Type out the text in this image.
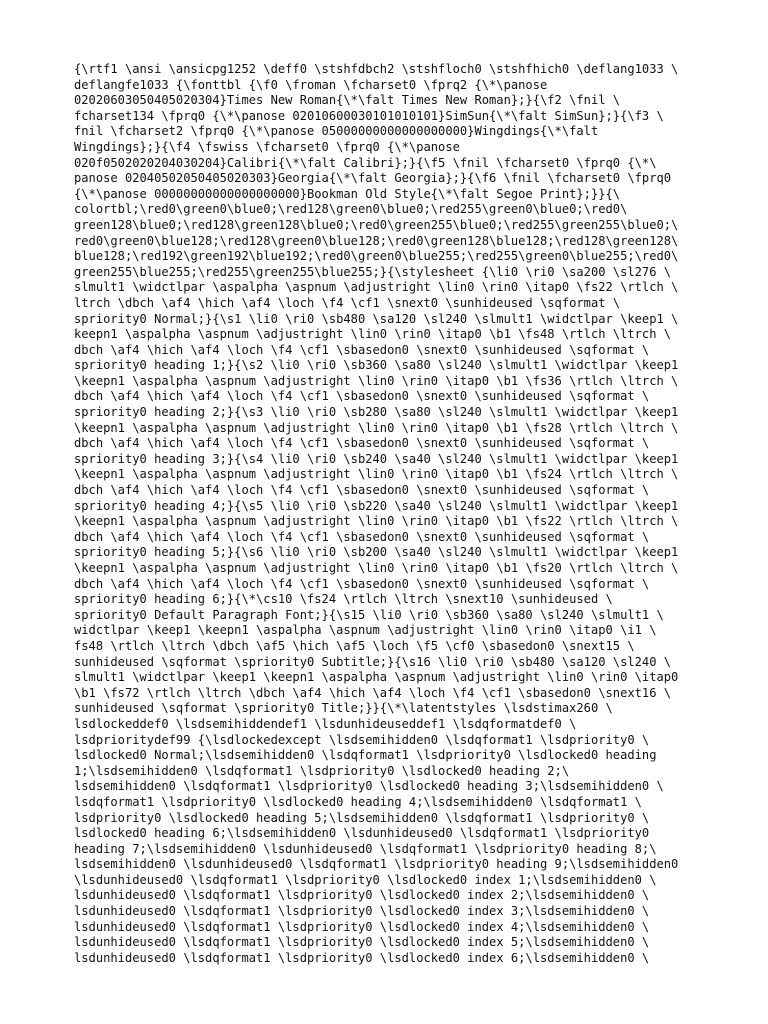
{\rtf1 \ansi \ansicpg1252 \deff0 \stshfdbch2 \stshfloch0 \stshfhich0 \deflang1033 \
deflangfe1033 {\fonttbl {\f0 \froman \fcharset0 \fprq2 {\*\panose
02020603050405020304}Times New Roman{\*\falt Times New Roman};}{\f2 \fnil \
fcharset134 \fprq0 {\*\panose 02010600030101010101}SimSun{\*\falt SimSun};}{\f3 \
fnil \fcharset2 \fprq0 {\*\panose 05000000000000000000}Wingdings{\*\falt
Wingdings};}{\f4 \fswiss \fcharset0 \fprq0 {\*\panose
020f0502020204030204}Calibri{\*\falt Calibri};}{\f5 \fnil \fcharset0 \fprq0 {\*\
panose 02040502050405020303}Georgia{\*\falt Georgia};}{\f6 \fnil \fcharset0 \fprq0
{\*\panose 00000000000000000000}Bookman Old Style{\*\falt Segoe Print};}}{\
colortbl;\red0\green0\blue0;\red128\green0\blue0;\red255\green0\blue0;\red0\
green128\blue0;\red128\green128\blue0;\red0\green255\blue0;\red255\green255\blue0;\
red0\green0\blue128;\red128\green0\blue128;\red0\green128\blue128;\red128\green128\
blue128;\red192\green192\blue192;\red0\green0\blue255;\red255\green0\blue255;\red0\
green255\blue255;\red255\green255\blue255;}{\stylesheet {\li0 \ri0 \sa200 \sl276 \
slmult1 \widctlpar \aspalpha \aspnum \adjustright \lin0 \rin0 \itap0 \fs22 \rtlch \
ltrch \dbch \af4 \hich \af4 \loch \f4 \cf1 \snext0 \sunhideused \sqformat \
spriority0 Normal;}{\s1 \li0 \ri0 \sb480 \sa120 \sl240 \slmult1 \widctlpar \keep1 \
keepn1 \aspalpha \aspnum \adjustright \lin0 \rin0 \itap0 \b1 \fs48 \rtlch \ltrch \
dbch \af4 \hich \af4 \loch \f4 \cf1 \sbasedon0 \snext0 \sunhideused \sqformat \
spriority0 heading 1;}{\s2 \li0 \ri0 \sb360 \sa80 \sl240 \slmult1 \widctlpar \keep1
\keepn1 \aspalpha \aspnum \adjustright \lin0 \rin0 \itap0 \b1 \fs36 \rtlch \ltrch \
dbch \af4 \hich \af4 \loch \f4 \cf1 \sbasedon0 \snext0 \sunhideused \sqformat \
spriority0 heading 2;}{\s3 \li0 \ri0 \sb280 \sa80 \sl240 \slmult1 \widctlpar \keep1
\keepn1 \aspalpha \aspnum \adjustright \lin0 \rin0 \itap0 \b1 \fs28 \rtlch \ltrch \
dbch \af4 \hich \af4 \loch \f4 \cf1 \sbasedon0 \snext0 \sunhideused \sqformat \
spriority0 heading 3;}{\s4 \li0 \ri0 \sb240 \sa40 \sl240 \slmult1 \widctlpar \keep1
\keepn1 \aspalpha \aspnum \adjustright \lin0 \rin0 \itap0 \b1 \fs24 \rtlch \ltrch \
dbch \af4 \hich \af4 \loch \f4 \cf1 \sbasedon0 \snext0 \sunhideused \sqformat \
spriority0 heading 4;}{\s5 \li0 \ri0 \sb220 \sa40 \sl240 \slmult1 \widctlpar \keep1
\keepn1 \aspalpha \aspnum \adjustright \lin0 \rin0 \itap0 \b1 \fs22 \rtlch \ltrch \
dbch \af4 \hich \af4 \loch \f4 \cf1 \sbasedon0 \snext0 \sunhideused \sqformat \
spriority0 heading 5;}{\s6 \li0 \ri0 \sb200 \sa40 \sl240 \slmult1 \widctlpar \keep1
\keepn1 \aspalpha \aspnum \adjustright \lin0 \rin0 \itap0 \b1 \fs20 \rtlch \ltrch \
dbch \af4 \hich \af4 \loch \f4 \cf1 \sbasedon0 \snext0 \sunhideused \sqformat \
spriority0 heading 6;}{\*\cs10 \fs24 \rtlch \ltrch \snext10 \sunhideused \
spriority0 Default Paragraph Font;}{\s15 \li0 \ri0 \sb360 \sa80 \sl240 \slmult1 \
widctlpar \keep1 \keepn1 \aspalpha \aspnum \adjustright \lin0 \rin0 \itap0 \i1 \
fs48 \rtlch \ltrch \dbch \af5 \hich \af5 \loch \f5 \cf0 \sbasedon0 \snext15 \
sunhideused \sqformat \spriority0 Subtitle;}{\s16 \li0 \ri0 \sb480 \sa120 \sl240 \
slmult1 \widctlpar \keep1 \keepn1 \aspalpha \aspnum \adjustright \lin0 \rin0 \itap0
\b1 \fs72 \rtlch \ltrch \dbch \af4 \hich \af4 \loch \f4 \cf1 \sbasedon0 \snext16 \
sunhideused \sqformat \spriority0 Title;}}{\*\latentstyles \lsdstimax260 \
lsdlockeddef0 \lsdsemihiddendef1 \lsdunhideuseddef1 \lsdqformatdef0 \
lsdprioritydef99 {\lsdlockedexcept \lsdsemihidden0 \lsdqformat1 \lsdpriority0 \
lsdlocked0 Normal;\lsdsemihidden0 \lsdqformat1 \lsdpriority0 \lsdlocked0 heading
1;\lsdsemihidden0 \lsdqformat1 \lsdpriority0 \lsdlocked0 heading 2;\
lsdsemihidden0 \lsdqformat1 \lsdpriority0 \lsdlocked0 heading 3;\lsdsemihidden0 \
lsdqformat1 \lsdpriority0 \lsdlocked0 heading 4;\lsdsemihidden0 \lsdqformat1 \
lsdpriority0 \lsdlocked0 heading 5;\lsdsemihidden0 \lsdqformat1 \lsdpriority0 \
lsdlocked0 heading 6;\lsdsemihidden0 \lsdunhideused0 \lsdqformat1 \lsdpriority0
heading 7;\lsdsemihidden0 \lsdunhideused0 \lsdqformat1 \lsdpriority0 heading 8;\
lsdsemihidden0 \lsdunhideused0 \lsdqformat1 \lsdpriority0 heading 9;\lsdsemihidden0
\lsdunhideused0 \lsdqformat1 \lsdpriority0 \lsdlocked0 index 1;\lsdsemihidden0 \
lsdunhideused0 \lsdqformat1 \lsdpriority0 \lsdlocked0 index 2;\lsdsemihidden0 \
lsdunhideused0 \lsdqformat1 \lsdpriority0 \lsdlocked0 index 3;\lsdsemihidden0 \
lsdunhideused0 \lsdqformat1 \lsdpriority0 \lsdlocked0 index 4;\lsdsemihidden0 \
lsdunhideused0 \lsdqformat1 \lsdpriority0 \lsdlocked0 index 5;\lsdsemihidden0 \
lsdunhideused0 \lsdqformat1 \lsdpriority0 \lsdlocked0 index 6;\lsdsemihidden0 \
